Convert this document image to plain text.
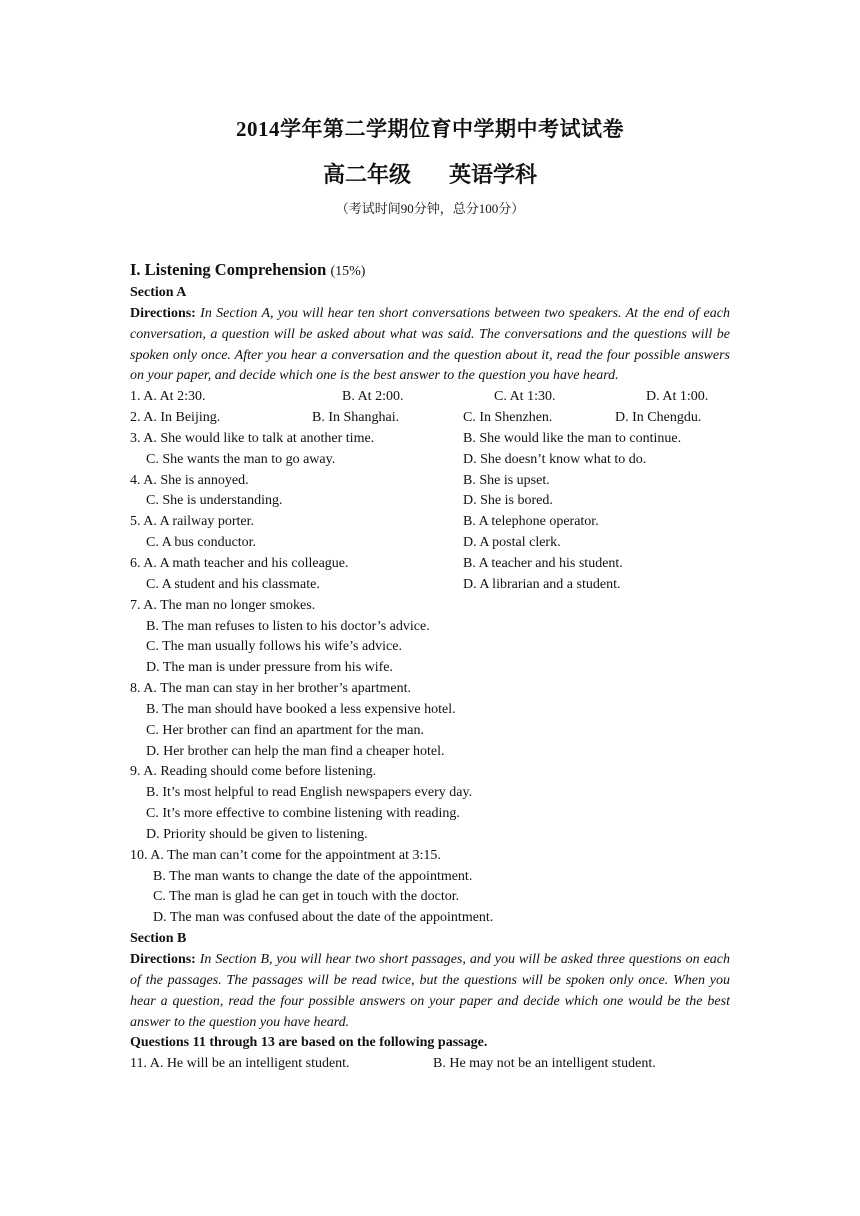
2014学年第二学期位育中学期中考试试卷
高二年级 英语学科
（考试时间90分钟，总分100分）
I. Listening Comprehension (15%)
Section A
Directions: In Section A, you will hear ten short conversations between two speakers. At the end of each conversation, a question will be asked about what was said. The conversations and the questions will be spoken only once. After you hear a conversation and the question about it, read the four possible answers on your paper, and decide which one is the best answer to the question you have heard.
1. A. At 2:30.	B. At 2:00.	C. At 1:30.	D. At 1:00.
2. A. In Beijing.	B. In Shanghai.	C. In Shenzhen.	D. In Chengdu.
3. A. She would like to talk at another time.	B. She would like the man to continue.
C. She wants the man to go away.	D. She doesn’t know what to do.
4. A. She is annoyed.	B. She is upset.
C. She is understanding.	D. She is bored.
5. A. A railway porter.	B. A telephone operator.
C. A bus conductor.	D. A postal clerk.
6. A. A math teacher and his colleague.	B. A teacher and his student.
C. A student and his classmate.	D. A librarian and a student.
7. A. The man no longer smokes.
B. The man refuses to listen to his doctor’s advice.
C. The man usually follows his wife’s advice.
D. The man is under pressure from his wife.
8. A. The man can stay in her brother’s apartment.
B. The man should have booked a less expensive hotel.
C. Her brother can find an apartment for the man.
D. Her brother can help the man find a cheaper hotel.
9. A. Reading should come before listening.
B. It’s most helpful to read English newspapers every day.
C. It’s more effective to combine listening with reading.
D. Priority should be given to listening.
10. A. The man can’t come for the appointment at 3:15.
B. The man wants to change the date of the appointment.
C. The man is glad he can get in touch with the doctor.
D. The man was confused about the date of the appointment.
Section B
Directions: In Section B, you will hear two short passages, and you will be asked three questions on each of the passages. The passages will be read twice, but the questions will be spoken only once. When you hear a question, read the four possible answers on your paper and decide which one would be the best answer to the question you have heard.
Questions 11 through 13 are based on the following passage.
11. A. He will be an intelligent student.	B. He may not be an intelligent student.
